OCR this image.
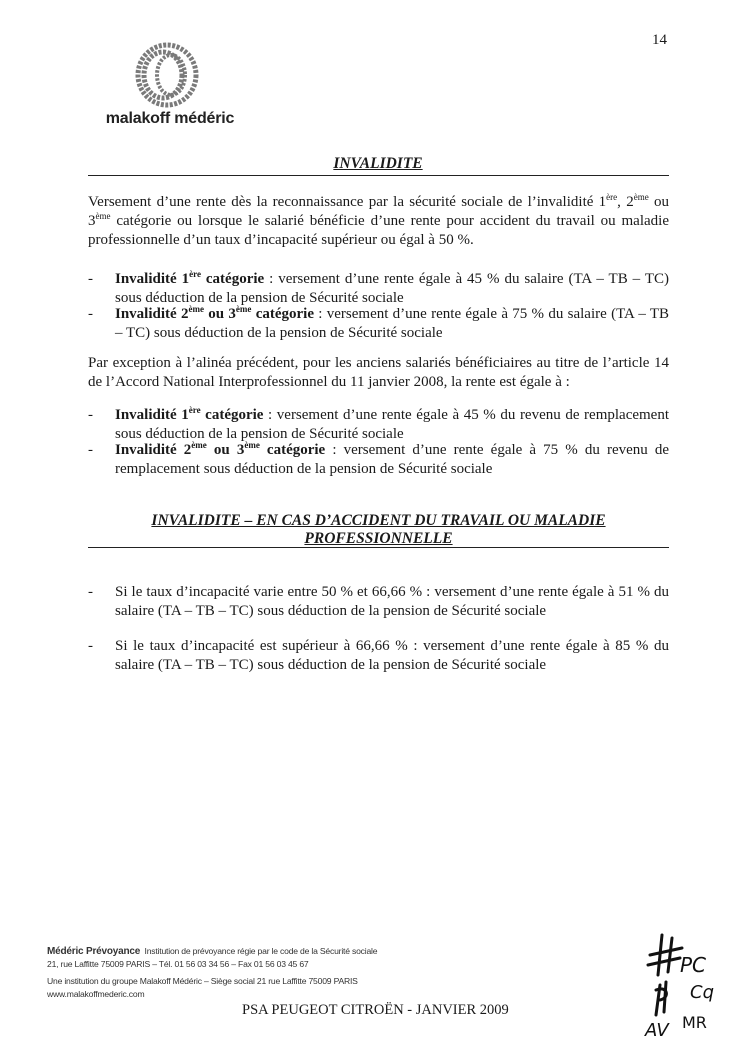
14
malakoff médéric
INVALIDITE
Versement d’une rente dès la reconnaissance par la sécurité sociale de l’invalidité 1ère, 2ème ou 3ème catégorie ou lorsque le salarié bénéficie d’une rente pour accident du travail ou maladie professionnelle d’un taux d’incapacité supérieur ou égal à 50 %.
- Invalidité 1ère catégorie : versement d’une rente égale à 45 % du salaire (TA – TB – TC) sous déduction de la pension de Sécurité sociale
- Invalidité 2ème ou 3ème catégorie : versement d’une rente égale à 75 % du salaire (TA – TB – TC) sous déduction de la pension de Sécurité sociale
Par exception à l’alinéa précédent, pour les anciens salariés bénéficiaires au titre de l’article 14 de l’Accord National Interprofessionnel du 11 janvier 2008, la rente est égale à :
- Invalidité 1ère catégorie : versement d’une rente égale à 45 % du revenu de remplacement sous déduction de la pension de Sécurité sociale
- Invalidité 2ème ou 3ème catégorie : versement d’une rente égale à 75 % du revenu de remplacement sous déduction de la pension de Sécurité sociale
INVALIDITE – EN CAS D’ACCIDENT DU TRAVAIL OU MALADIE
PROFESSIONNELLE
- Si le taux d’incapacité varie entre 50 % et 66,66 % : versement d’une rente égale à 51 % du salaire (TA – TB – TC) sous déduction de la pension de Sécurité sociale
- Si le taux d’incapacité est supérieur à 66,66 % : versement d’une rente égale à 85 % du salaire (TA – TB – TC) sous déduction de la pension de Sécurité sociale
Médéric Prévoyance Institution de prévoyance régie par le code de la Sécurité sociale
21, rue Laffitte 75009 PARIS – Tél. 01 56 03 34 56 – Fax 01 56 03 45 67
Une institution du groupe Malakoff Médéric – Siège social 21 rue Laffitte 75009 PARIS
www.malakoffmederic.com
PSA PEUGEOT CITROËN - JANVIER 2009
PC
Cq
MR
AV
